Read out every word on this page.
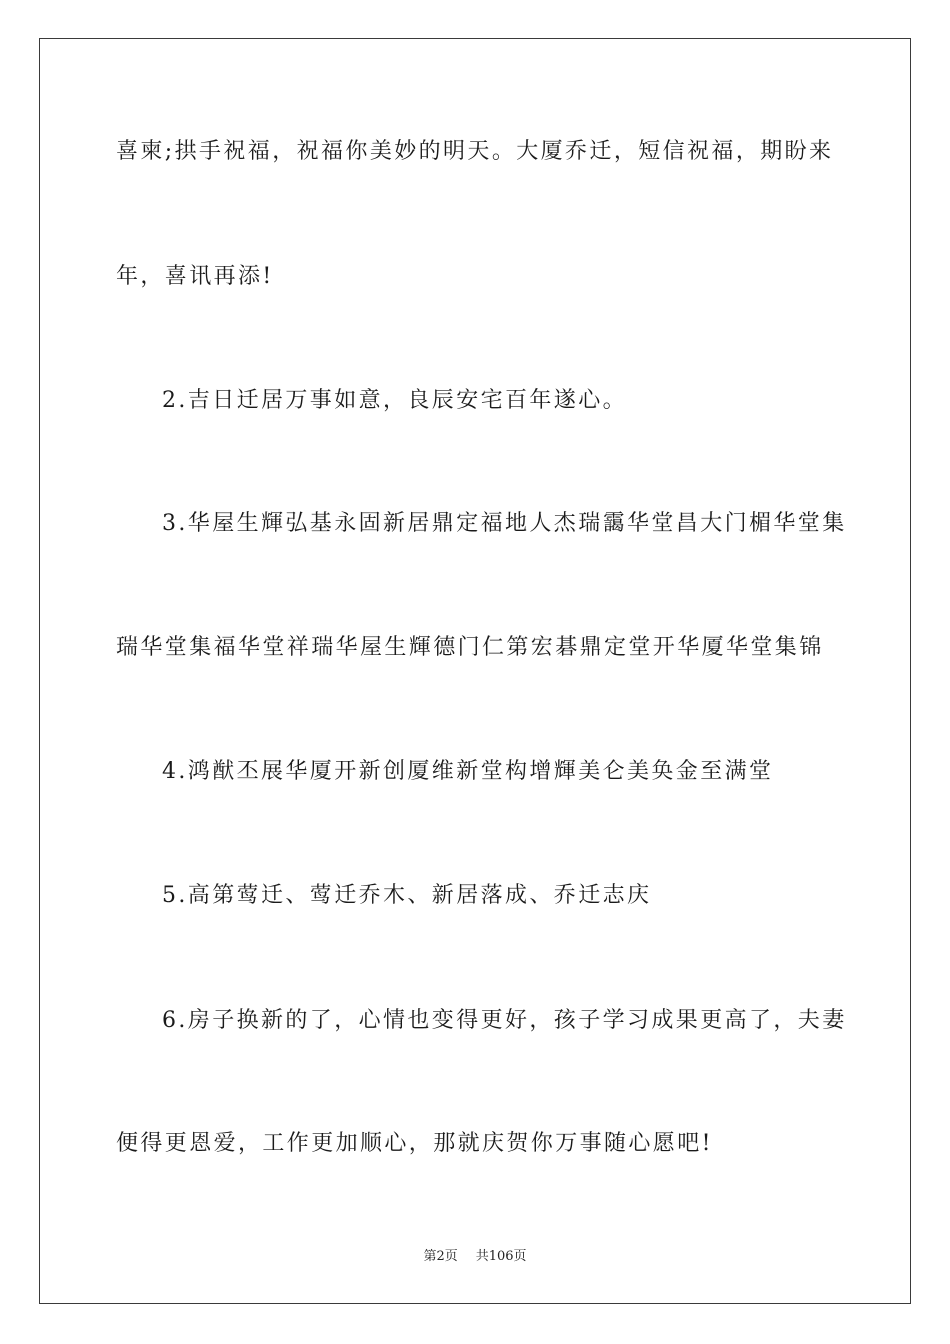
喜柬;拱手祝福，祝福你美妙的明天。大厦乔迁，短信祝福，期盼来
年，喜讯再添!
2.吉日迁居万事如意，良辰安宅百年遂心。
3.华屋生輝弘基永固新居鼎定福地人杰瑞靄华堂昌大门楣华堂集
瑞华堂集福华堂祥瑞华屋生輝德门仁第宏碁鼎定堂开华厦华堂集锦
4.鸿猷丕展华厦开新创厦维新堂构增輝美仑美奂金至满堂
5.高第莺迁、莺迁乔木、新居落成、乔迁志庆
6.房子换新的了，心情也变得更好，孩子学习成果更高了，夫妻
便得更恩爱，工作更加顺心，那就庆贺你万事随心愿吧!
第2页 共106页
